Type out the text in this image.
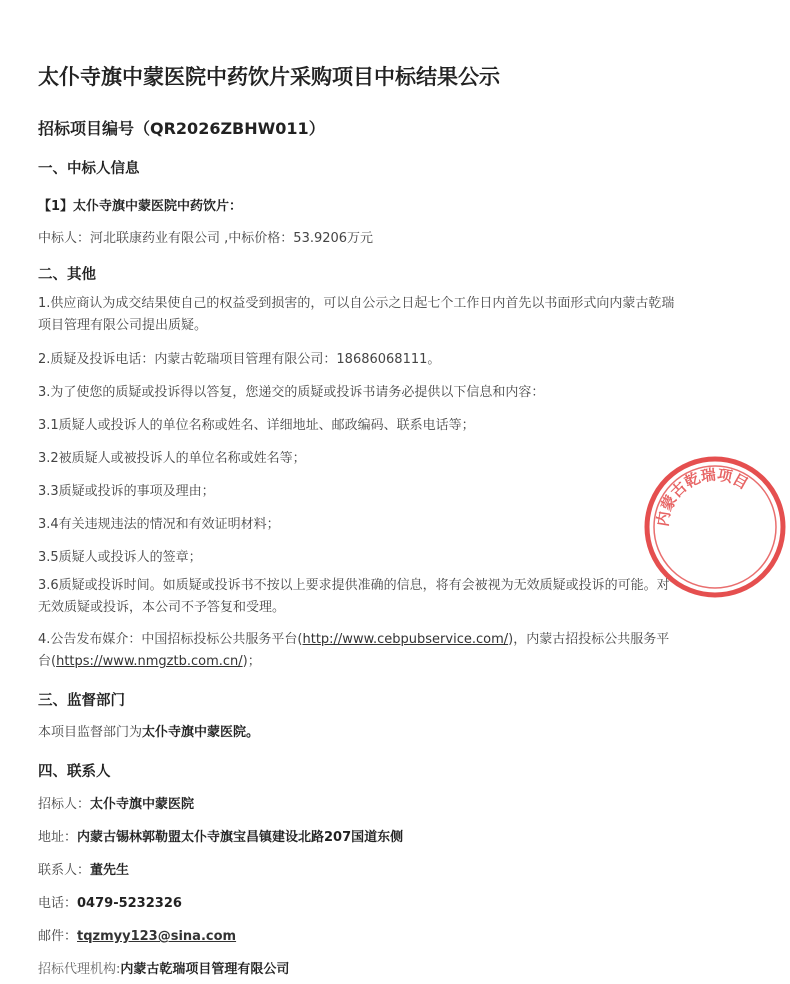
太仆寺旗中蒙医院中药饮片采购项目中标结果公示
招标项目编号（QR2026ZBHW011）
一、中标人信息
【1】太仆寺旗中蒙医院中药饮片：
中标人：河北联康药业有限公司 ,中标价格：53.9206万元
二、其他
1.供应商认为成交结果使自己的权益受到损害的，可以自公示之日起七个工作日内首先以书面形式向内蒙古乾瑞项目管理有限公司提出质疑。
2.质疑及投诉电话：内蒙古乾瑞项目管理有限公司：18686068111。
3.为了使您的质疑或投诉得以答复，您递交的质疑或投诉书请务必提供以下信息和内容：
3.1质疑人或投诉人的单位名称或姓名、详细地址、邮政编码、联系电话等；
3.2被质疑人或被投诉人的单位名称或姓名等；
3.3质疑或投诉的事项及理由；
3.4有关违规违法的情况和有效证明材料；
3.5质疑人或投诉人的签章；
3.6质疑或投诉时间。如质疑或投诉书不按以上要求提供准确的信息，将有会被视为无效质疑或投诉的可能。对无效质疑或投诉，本公司不予答复和受理。
4.公告发布媒介：中国招标投标公共服务平台(http://www.cebpubservice.com/)，内蒙古招投标公共服务平台(https://www.nmgztb.com.cn/)；
三、监督部门
本项目监督部门为太仆寺旗中蒙医院。
四、联系人
招标人：太仆寺旗中蒙医院
地址：内蒙古锡林郭勒盟太仆寺旗宝昌镇建设北路207国道东侧
联系人：董先生
电话：0479-5232326
邮件：tqzmyy123@sina.com
招标代理机构:内蒙古乾瑞项目管理有限公司
内蒙古乾瑞项目
